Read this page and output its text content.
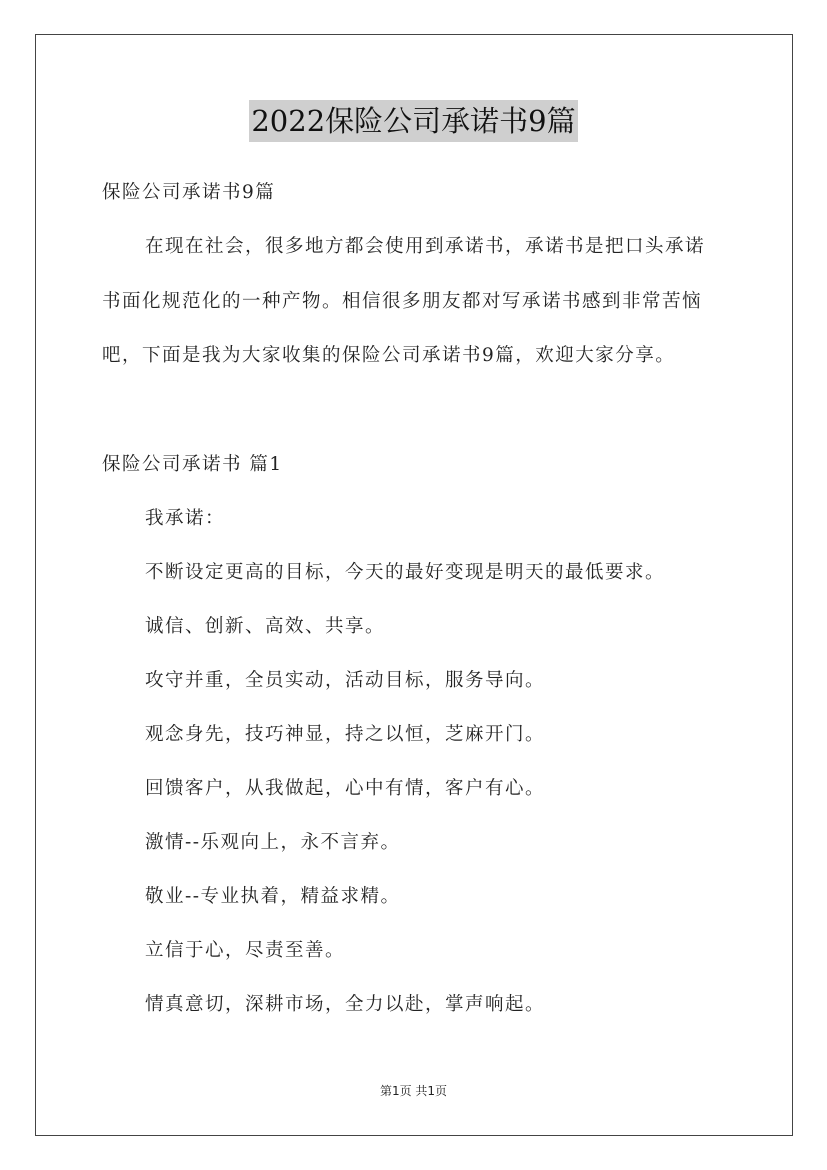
2022保险公司承诺书9篇

保险公司承诺书9篇

在现在社会，很多地方都会使用到承诺书，承诺书是把口头承诺

书面化规范化的一种产物。相信很多朋友都对写承诺书感到非常苦恼

吧，下面是我为大家收集的保险公司承诺书9篇，欢迎大家分享。

保险公司承诺书 篇1

我承诺：

不断设定更高的目标，今天的最好变现是明天的最低要求。

诚信、创新、高效、共享。

攻守并重，全员实动，活动目标，服务导向。

观念身先，技巧神显，持之以恒，芝麻开门。

回馈客户，从我做起，心中有情，客户有心。

激情--乐观向上，永不言弃。

敬业--专业执着，精益求精。

立信于心，尽责至善。

情真意切，深耕市场，全力以赴，掌声响起。

第1页 共1页
